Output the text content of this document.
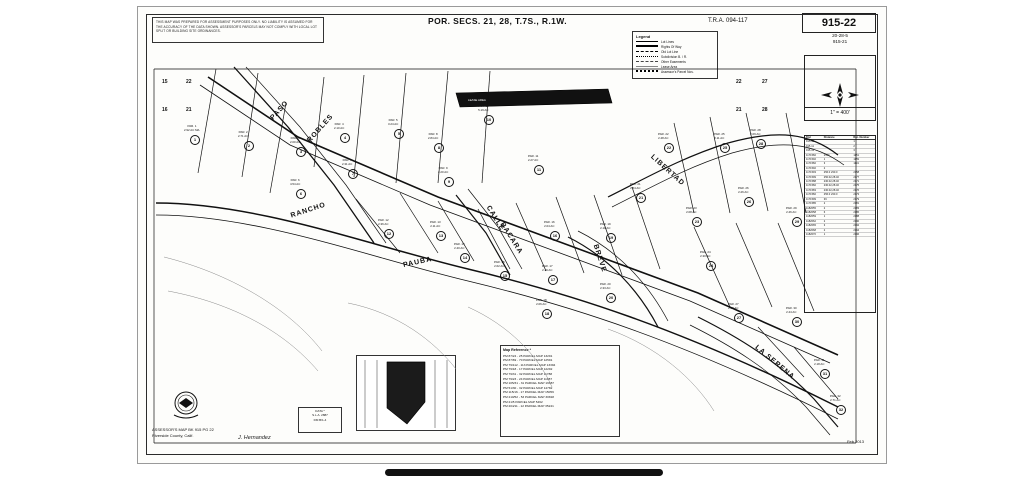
THIS MAP WAS PREPARED FOR ASSESSMENT PURPOSES ONLY. NO LIABILITY IS ASSUMED FOR THE ACCURACY OF THE DATA SHOWN. ASSESSOR'S PARCELS MAY NOT COMPLY WITH LOCAL LOT SPLIT OR BUILDING SITE ORDINANCES.
POR. SECS. 21, 28, T.7S., R.1W.	T.R.A. 094-117	915-22
20-28-5
915-21
Legend
Lot Lines
Rights Of Way
Old Lot Line
Subdivision B. / R.
Other Easements
Lease Area
Assessor's Parcel Nos.
1" = 400'
Dist	Distance	Rec. Number
915-10	1
915-11	2
915-12	3
1171582	2556	1181
1171592	1	1189
1171582	3	1191
1171592	2
1171593	256.0 230.0	2158
1171599	250.02,28.40	2177
1171588	230.02,28.40	2171
1171582	230.02,28.40	2175
1171583	230.02,28.40	2176
1171582	256.0 230.0	2173
1171599	39	2179
1171585	2	2181
1182055	2	2183
1182058	6	2186
1182059	1	2188
1182062	2	2190
1182065	3	2192
1182068	2	2194
1182070	1	2196
Map Reference *
PM 87/24 - 25 PARCEL MAP 13291
PM 87/69 - 70 PARCEL MAP 12591
PM 79/112 - 113 PARCEL MAP 13394
PM 79/18 - 17 PARCEL MAP 12292
PM 79/31 - 32 PARCEL MAP 11788
PM 79/23 - 24 PARCEL MAP 11987
PM 105/31 - 31 PARCEL MAP 19687
PM 51/30 - 32 PARCEL MAP 14782
PM 115/16 - 17 PARCEL MAP 15059
PM 210/52 - 53 PARCEL MAP 30818
PM 21/5 PARCEL MAP 5462
PM 204/11 - 12 PARCEL MAP 35241
DATA *
S.L.A. 2887
DM B/1-4
ASSESSOR'S MAP BK 915 PG 22
Riverside County, Calif.	J. Hernandez
Feb 2013
PASO
ROBLES
RANCHO
PAUBA
CALLE
BACARA
BREVE
LIBERTAD
LA SERENA
15	22
16	21
22	27
21	28
PAR. 1
2.92 AC M/L
1
PAR. 2
2.71 AC
2
PAR. 3
2.00 AC
3
PAR. 4
2.10 AC
4
PAR. 5
3.24 AC
5
PAR. 6
4.54 AC
6
PAR. 7
2.31 AC
7
PAR. 8
2.84 AC
8
PAR. 9
2.20 AC
9
PAR. 10
5.19 AC
10
PAR. 11
2.27 AC
11
PAR. 12
2.36 AC
12
PAR. 13
2.11 AC
13
PAR. 14
2.40 AC
14
PAR. 15
2.62 AC
15
PAR. 16
2.04 AC
16
PAR. 17
2.19 AC
17
PAR. 18
2.06 AC
18
PAR. 19
2.18 AC
19
PAR. 20
2.33 AC
20
PAR. 21
2.54 AC
21
PAR. 22
2.48 AC
22
PAR. 23
2.08 AC
23
PAR. 24
2.30 AC
24
PAR. 25
2.11 AC
25
PAR. 26
2.26 AC
26
PAR. 27
2.37 AC
27
PAR. 28
2.09 AC
28
PAR. 29
2.46 AC
29
PAR. 30
2.44 AC
30
PAR. 31
2.18 AC
31
PAR. 32
2.71 AC
32
LEASE AREA
